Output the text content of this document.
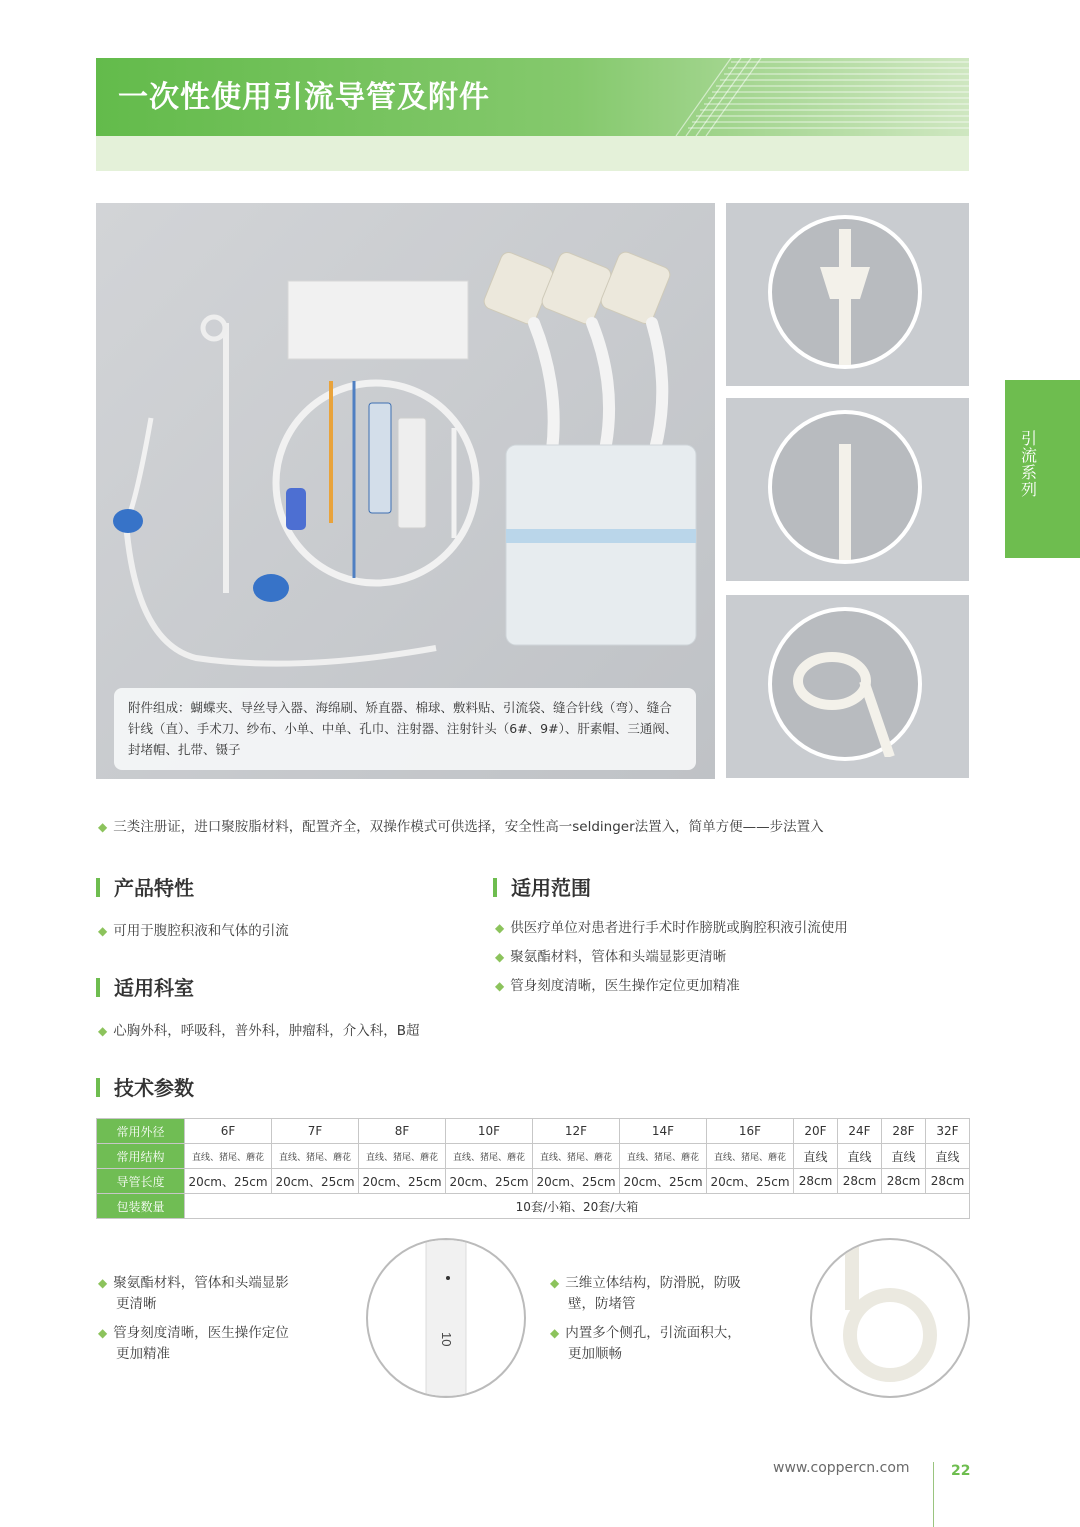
一次性使用引流导管及附件
引流系列
附件组成：蝴蝶夹、导丝导入器、海绵刷、矫直器、棉球、敷料贴、引流袋、缝合针线（弯）、缝合针线（直）、手术刀、纱布、小单、中单、孔巾、注射器、注射针头（6#、9#）、肝素帽、三通阀、封堵帽、扎带、镊子
◆ 三类注册证，进口聚胺脂材料，配置齐全，双操作模式可供选择，安全性高一seldinger法置入，简单方便——步法置入
产品特性	适用范围
适用科室
技术参数
◆ 可用于腹腔积液和气体的引流
◆ 心胸外科，呼吸科，普外科，肿瘤科，介入科，B超
◆ 供医疗单位对患者进行手术时作膀胱或胸腔积液引流使用
◆ 聚氨酯材料，管体和头端显影更清晰
◆ 管身刻度清晰，医生操作定位更加精准
常用外径	6F	7F	8F	10F	12F	14F	16F	20F	24F	28F	32F
常用结构	直线、猪尾、蘑花	直线、猪尾、蘑花	直线、猪尾、蘑花	直线、猪尾、蘑花	直线、猪尾、蘑花	直线、猪尾、蘑花	直线、猪尾、蘑花	直线	直线	直线	直线
导管长度	20cm、25cm	20cm、25cm	20cm、25cm	20cm、25cm	20cm、25cm	20cm、25cm	20cm、25cm	28cm	28cm	28cm	28cm
包装数量	10套/小箱、20套/大箱										
◆ 聚氨酯材料，管体和头端显影
更清晰
◆ 管身刻度清晰，医生操作定位
更加精准
10
◆ 三维立体结构，防滑脱，防吸
壁，防堵管
◆ 内置多个侧孔，引流面积大，
更加顺畅
www.coppercn.com	22
